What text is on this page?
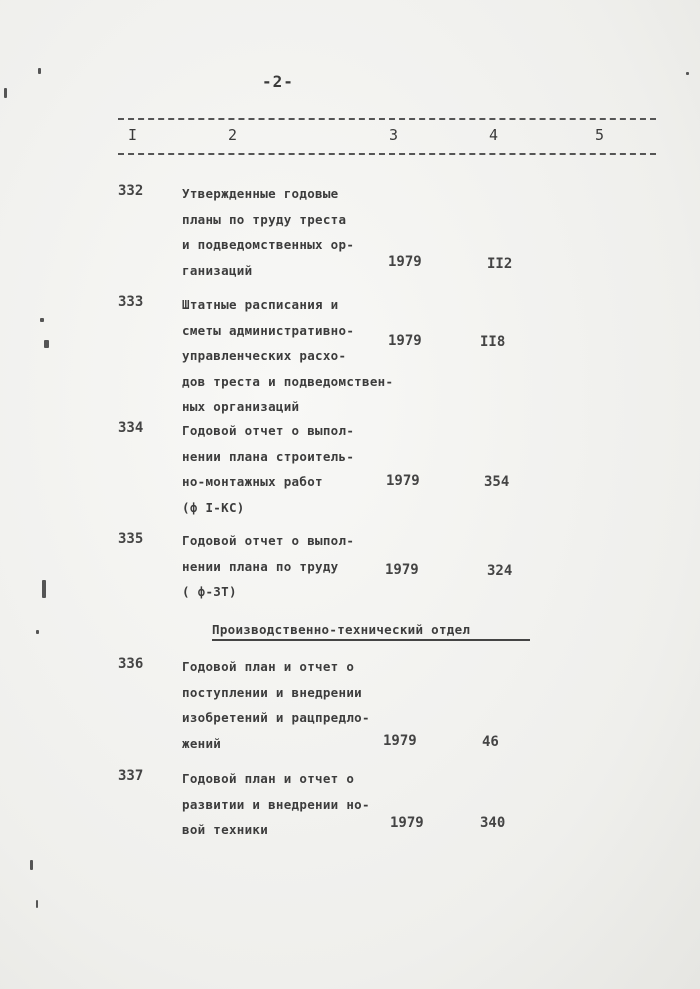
-2-
I	2	3	4	5
332	Утвержденные годовые
планы по труду треста
и подведомственных ор-
ганизаций	1979	II2
333	Штатные расписания и
сметы административно-
управленческих расхо-
дов треста и подведомствен-
ных организаций
1979	II8
334	Годовой отчет о выпол-
нении плана строитель-
но-монтажных работ
(ф I-КС)
1979	354
335	Годовой отчет о выпол-
нении плана по труду
( ф-3Т)
1979	324
Производственно-технический отдел
336	Годовой план и отчет о
поступлении и внедрении
изобретений и рацпредло-
жений	1979	46
337	Годовой план и отчет о
развитии и внедрении но-
вой техники	1979	340
